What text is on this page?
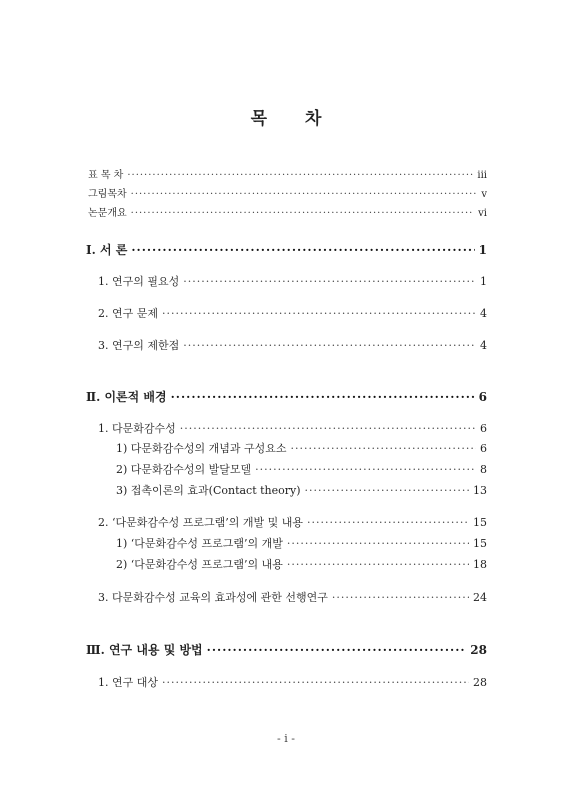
목 차
표 목 차 ·····	iii
그림목차 ·····	v
논문개요 ·····	vi
Ⅰ. 서 론 ·····	1
1. 연구의 필요성 ·····	1
2. 연구 문제 ·····	4
3. 연구의 제한점 ·····	4
Ⅱ. 이론적 배경 ·····	6
1. 다문화감수성 ·····	6
1) 다문화감수성의 개념과 구성요소 ·····	6
2) 다문화감수성의 발달모델 ·····	8
3) 접촉이론의 효과(Contact theory) ·····	13
2. ‘다문화감수성 프로그램’의 개발 및 내용 ·····	15
1) ‘다문화감수성 프로그램’의 개발 ·····	15
2) ‘다문화감수성 프로그램’의 내용 ·····	18
3. 다문화감수성 교육의 효과성에 관한 선행연구 ·····	24
Ⅲ. 연구 내용 및 방법 ·····	28
1. 연구 대상 ·····	28
- i -
